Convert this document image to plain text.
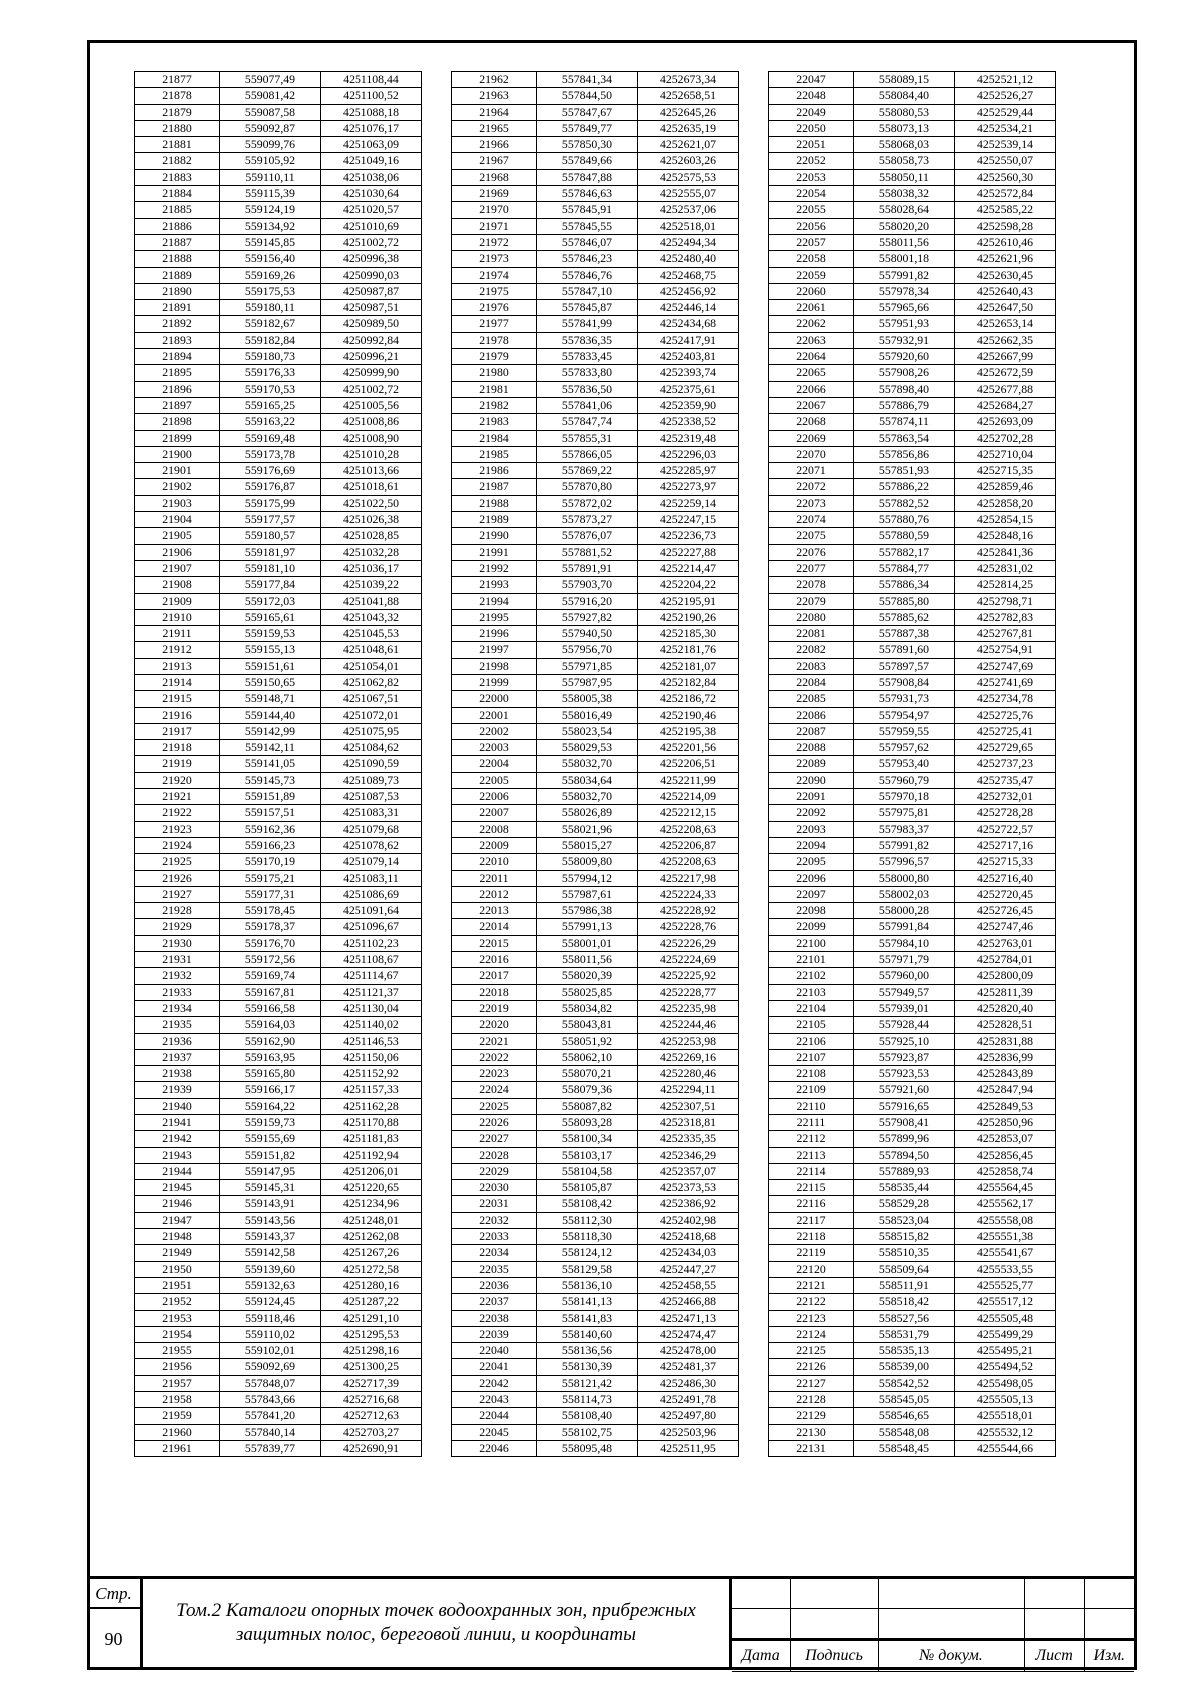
21877	559077,49	4251108,44
21878	559081,42	4251100,52
21879	559087,58	4251088,18
21880	559092,87	4251076,17
21881	559099,76	4251063,09
21882	559105,92	4251049,16
21883	559110,11	4251038,06
21884	559115,39	4251030,64
21885	559124,19	4251020,57
21886	559134,92	4251010,69
21887	559145,85	4251002,72
21888	559156,40	4250996,38
21889	559169,26	4250990,03
21890	559175,53	4250987,87
21891	559180,11	4250987,51
21892	559182,67	4250989,50
21893	559182,84	4250992,84
21894	559180,73	4250996,21
21895	559176,33	4250999,90
21896	559170,53	4251002,72
21897	559165,25	4251005,56
21898	559163,22	4251008,86
21899	559169,48	4251008,90
21900	559173,78	4251010,28
21901	559176,69	4251013,66
21902	559176,87	4251018,61
21903	559175,99	4251022,50
21904	559177,57	4251026,38
21905	559180,57	4251028,85
21906	559181,97	4251032,28
21907	559181,10	4251036,17
21908	559177,84	4251039,22
21909	559172,03	4251041,88
21910	559165,61	4251043,32
21911	559159,53	4251045,53
21912	559155,13	4251048,61
21913	559151,61	4251054,01
21914	559150,65	4251062,82
21915	559148,71	4251067,51
21916	559144,40	4251072,01
21917	559142,99	4251075,95
21918	559142,11	4251084,62
21919	559141,05	4251090,59
21920	559145,73	4251089,73
21921	559151,89	4251087,53
21922	559157,51	4251083,31
21923	559162,36	4251079,68
21924	559166,23	4251078,62
21925	559170,19	4251079,14
21926	559175,21	4251083,11
21927	559177,31	4251086,69
21928	559178,45	4251091,64
21929	559178,37	4251096,67
21930	559176,70	4251102,23
21931	559172,56	4251108,67
21932	559169,74	4251114,67
21933	559167,81	4251121,37
21934	559166,58	4251130,04
21935	559164,03	4251140,02
21936	559162,90	4251146,53
21937	559163,95	4251150,06
21938	559165,80	4251152,92
21939	559166,17	4251157,33
21940	559164,22	4251162,28
21941	559159,73	4251170,88
21942	559155,69	4251181,83
21943	559151,82	4251192,94
21944	559147,95	4251206,01
21945	559145,31	4251220,65
21946	559143,91	4251234,96
21947	559143,56	4251248,01
21948	559143,37	4251262,08
21949	559142,58	4251267,26
21950	559139,60	4251272,58
21951	559132,63	4251280,16
21952	559124,45	4251287,22
21953	559118,46	4251291,10
21954	559110,02	4251295,53
21955	559102,01	4251298,16
21956	559092,69	4251300,25
21957	557848,07	4252717,39
21958	557843,66	4252716,68
21959	557841,20	4252712,63
21960	557840,14	4252703,27
21961	557839,77	4252690,91
21962	557841,34	4252673,34
21963	557844,50	4252658,51
21964	557847,67	4252645,26
21965	557849,77	4252635,19
21966	557850,30	4252621,07
21967	557849,66	4252603,26
21968	557847,88	4252575,53
21969	557846,63	4252555,07
21970	557845,91	4252537,06
21971	557845,55	4252518,01
21972	557846,07	4252494,34
21973	557846,23	4252480,40
21974	557846,76	4252468,75
21975	557847,10	4252456,92
21976	557845,87	4252446,14
21977	557841,99	4252434,68
21978	557836,35	4252417,91
21979	557833,45	4252403,81
21980	557833,80	4252393,74
21981	557836,50	4252375,61
21982	557841,06	4252359,90
21983	557847,74	4252338,52
21984	557855,31	4252319,48
21985	557866,05	4252296,03
21986	557869,22	4252285,97
21987	557870,80	4252273,97
21988	557872,02	4252259,14
21989	557873,27	4252247,15
21990	557876,07	4252236,73
21991	557881,52	4252227,88
21992	557891,91	4252214,47
21993	557903,70	4252204,22
21994	557916,20	4252195,91
21995	557927,82	4252190,26
21996	557940,50	4252185,30
21997	557956,70	4252181,76
21998	557971,85	4252181,07
21999	557987,95	4252182,84
22000	558005,38	4252186,72
22001	558016,49	4252190,46
22002	558023,54	4252195,38
22003	558029,53	4252201,56
22004	558032,70	4252206,51
22005	558034,64	4252211,99
22006	558032,70	4252214,09
22007	558026,89	4252212,15
22008	558021,96	4252208,63
22009	558015,27	4252206,87
22010	558009,80	4252208,63
22011	557994,12	4252217,98
22012	557987,61	4252224,33
22013	557986,38	4252228,92
22014	557991,13	4252228,76
22015	558001,01	4252226,29
22016	558011,56	4252224,69
22017	558020,39	4252225,92
22018	558025,85	4252228,77
22019	558034,82	4252235,98
22020	558043,81	4252244,46
22021	558051,92	4252253,98
22022	558062,10	4252269,16
22023	558070,21	4252280,46
22024	558079,36	4252294,11
22025	558087,82	4252307,51
22026	558093,28	4252318,81
22027	558100,34	4252335,35
22028	558103,17	4252346,29
22029	558104,58	4252357,07
22030	558105,87	4252373,53
22031	558108,42	4252386,92
22032	558112,30	4252402,98
22033	558118,30	4252418,68
22034	558124,12	4252434,03
22035	558129,58	4252447,27
22036	558136,10	4252458,55
22037	558141,13	4252466,88
22038	558141,83	4252471,13
22039	558140,60	4252474,47
22040	558136,56	4252478,00
22041	558130,39	4252481,37
22042	558121,42	4252486,30
22043	558114,73	4252491,78
22044	558108,40	4252497,80
22045	558102,75	4252503,96
22046	558095,48	4252511,95
22047	558089,15	4252521,12
22048	558084,40	4252526,27
22049	558080,53	4252529,44
22050	558073,13	4252534,21
22051	558068,03	4252539,14
22052	558058,73	4252550,07
22053	558050,11	4252560,30
22054	558038,32	4252572,84
22055	558028,64	4252585,22
22056	558020,20	4252598,28
22057	558011,56	4252610,46
22058	558001,18	4252621,96
22059	557991,82	4252630,45
22060	557978,34	4252640,43
22061	557965,66	4252647,50
22062	557951,93	4252653,14
22063	557932,91	4252662,35
22064	557920,60	4252667,99
22065	557908,26	4252672,59
22066	557898,40	4252677,88
22067	557886,79	4252684,27
22068	557874,11	4252693,09
22069	557863,54	4252702,28
22070	557856,86	4252710,04
22071	557851,93	4252715,35
22072	557886,22	4252859,46
22073	557882,52	4252858,20
22074	557880,76	4252854,15
22075	557880,59	4252848,16
22076	557882,17	4252841,36
22077	557884,77	4252831,02
22078	557886,34	4252814,25
22079	557885,80	4252798,71
22080	557885,62	4252782,83
22081	557887,38	4252767,81
22082	557891,60	4252754,91
22083	557897,57	4252747,69
22084	557908,84	4252741,69
22085	557931,73	4252734,78
22086	557954,97	4252725,76
22087	557959,55	4252725,41
22088	557957,62	4252729,65
22089	557953,40	4252737,23
22090	557960,79	4252735,47
22091	557970,18	4252732,01
22092	557975,81	4252728,28
22093	557983,37	4252722,57
22094	557991,82	4252717,16
22095	557996,57	4252715,33
22096	558000,80	4252716,40
22097	558002,03	4252720,45
22098	558000,28	4252726,45
22099	557991,84	4252747,46
22100	557984,10	4252763,01
22101	557971,79	4252784,01
22102	557960,00	4252800,09
22103	557949,57	4252811,39
22104	557939,01	4252820,40
22105	557928,44	4252828,51
22106	557925,10	4252831,88
22107	557923,87	4252836,99
22108	557923,53	4252843,89
22109	557921,60	4252847,94
22110	557916,65	4252849,53
22111	557908,41	4252850,96
22112	557899,96	4252853,07
22113	557894,50	4252856,45
22114	557889,93	4252858,74
22115	558535,44	4255564,45
22116	558529,28	4255562,17
22117	558523,04	4255558,08
22118	558515,82	4255551,38
22119	558510,35	4255541,67
22120	558509,64	4255533,55
22121	558511,91	4255525,77
22122	558518,42	4255517,12
22123	558527,56	4255505,48
22124	558531,79	4255499,29
22125	558535,13	4255495,21
22126	558539,00	4255494,52
22127	558542,52	4255498,05
22128	558545,05	4255505,13
22129	558546,65	4255518,01
22130	558548,08	4255532,12
22131	558548,45	4255544,66
Стр.
90
Том.2 Каталоги опорных точек водоохранных зон, прибрежных защитных полос, береговой линии, и координаты

Дата	Подпись	№ докум.	Лист	Изм.
